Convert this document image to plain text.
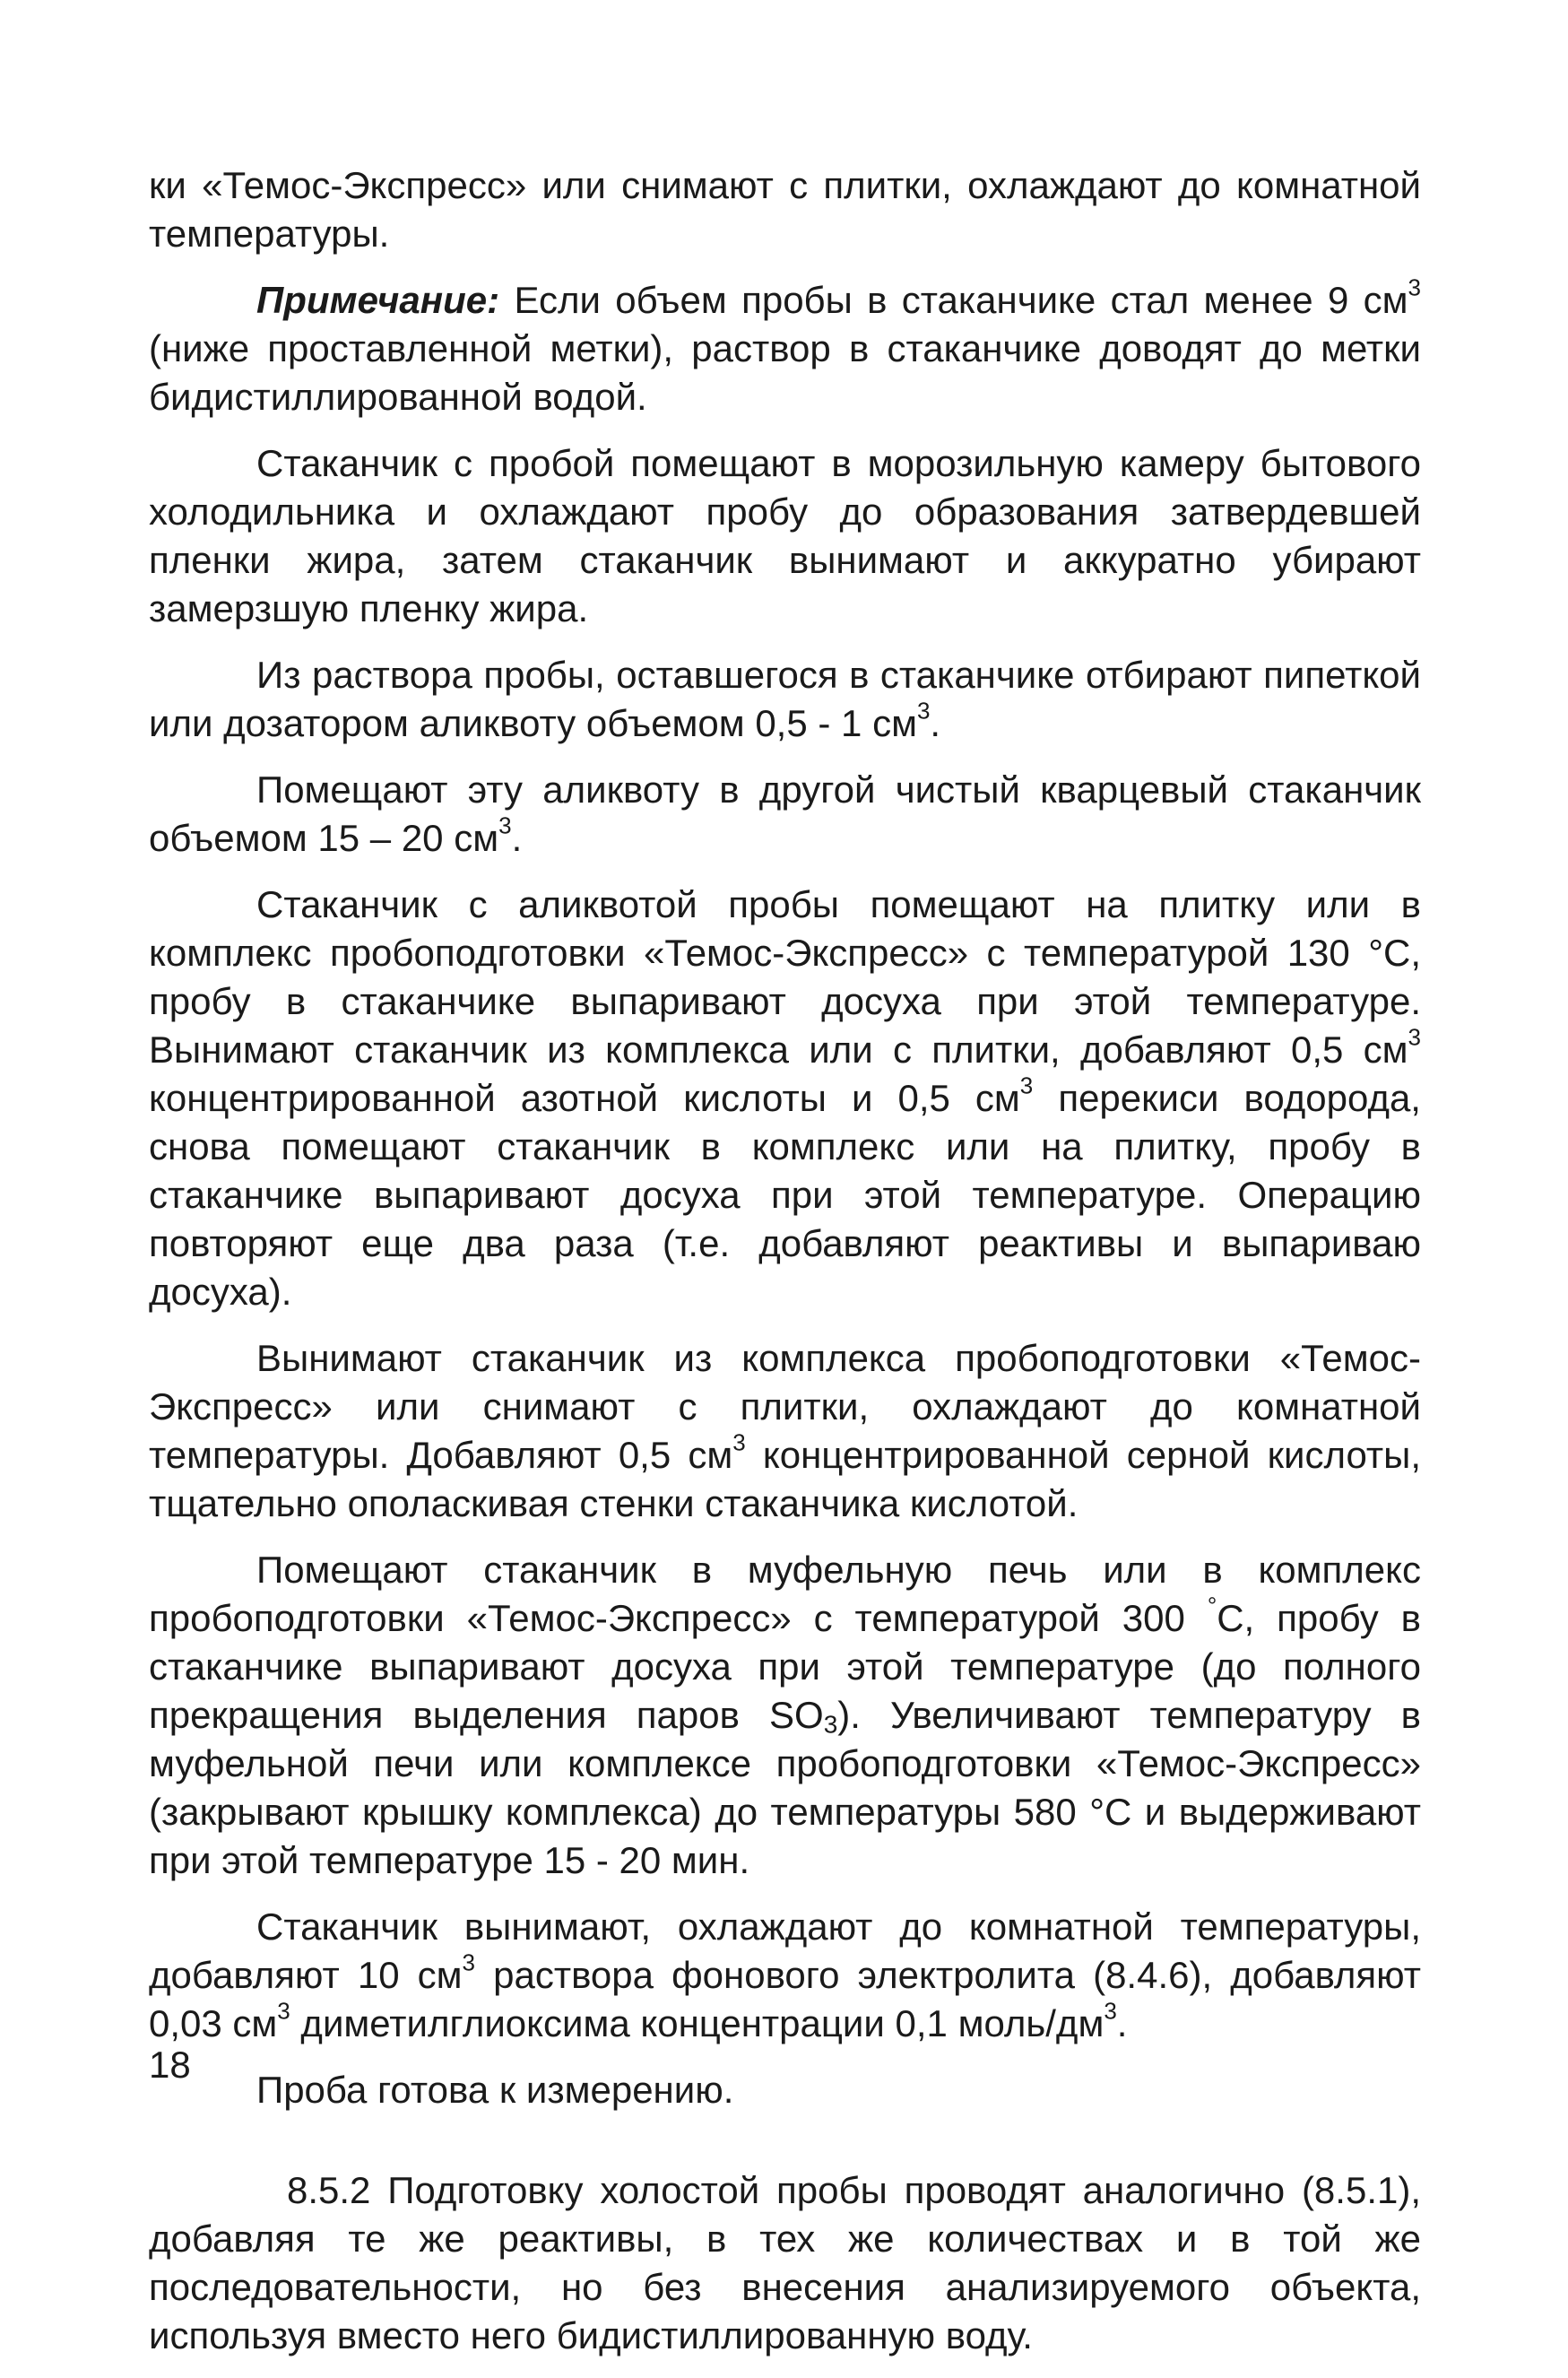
ки «Темос-Экспресс» или снимают с плитки, охлаждают до комнатной температуры.

Примечание: Если объем пробы в стаканчике стал менее 9 $см^3$ (ниже проставленной метки), раствор в стаканчике доводят до метки бидистиллированной водой.

Стаканчик с пробой помещают в морозильную камеру бытового холодильника и охлаждают пробу до образования затвердевшей пленки жира, затем стаканчик вынимают и аккуратно убирают замерзшую пленку жира.

Из раствора пробы, оставшегося в стаканчике отбирают пипеткой или дозатором аликвоту объемом 0,5 - 1 $см^3$.

Помещают эту аликвоту в другой чистый кварцевый стаканчик объемом 15 – 20 $см^3$.

Стаканчик с аликвотой пробы помещают на плитку или в комплекс пробоподготовки «Темос-Экспресс» с температурой 130 °С, пробу в стаканчике выпаривают досуха при этой температуре. Вынимают стаканчик из комплекса или с плитки, добавляют 0,5 $см^3$ концентрированной азотной кислоты и 0,5 $см^3$ перекиси водорода, снова помещают стаканчик в комплекс или на плитку, пробу в стаканчике выпаривают досуха при этой температуре. Операцию повторяют еще два раза (т.е. добавляют реактивы и выпариваю досуха).

Вынимают стаканчик из комплекса пробоподготовки «Темос-Экспресс» или снимают с плитки, охлаждают до комнатной температуры. Добавляют 0,5 $см^3$ концентрированной серной кислоты, тщательно ополаскивая стенки стаканчика кислотой.

Помещают стаканчик в муфельную печь или в комплекс пробоподготовки «Темос-Экспресс» с температурой 300 °С, пробу в стаканчике выпаривают досуха при этой температуре (до полного прекращения выделения паров $SO_3$). Увеличивают температуру в муфельной печи или комплексе пробоподготовки «Темос-Экспресс» (закрывают крышку комплекса) до температуры 580 °С и выдерживают при этой температуре 15 - 20 мин.

Стаканчик вынимают, охлаждают до комнатной температуры, добавляют 10 $см^3$ раствора фонового электролита (8.4.6), добавляют 0,03 $см^3$ диметилглиоксима концентрации 0,1 моль/$дм^3$.

Проба готова к измерению.

8.5.2 Подготовку холостой пробы проводят аналогично (8.5.1), добавляя те же реактивы, в тех же количествах и в той же последовательности, но без внесения анализируемого объекта, используя вместо него бидистиллированную воду.

18
